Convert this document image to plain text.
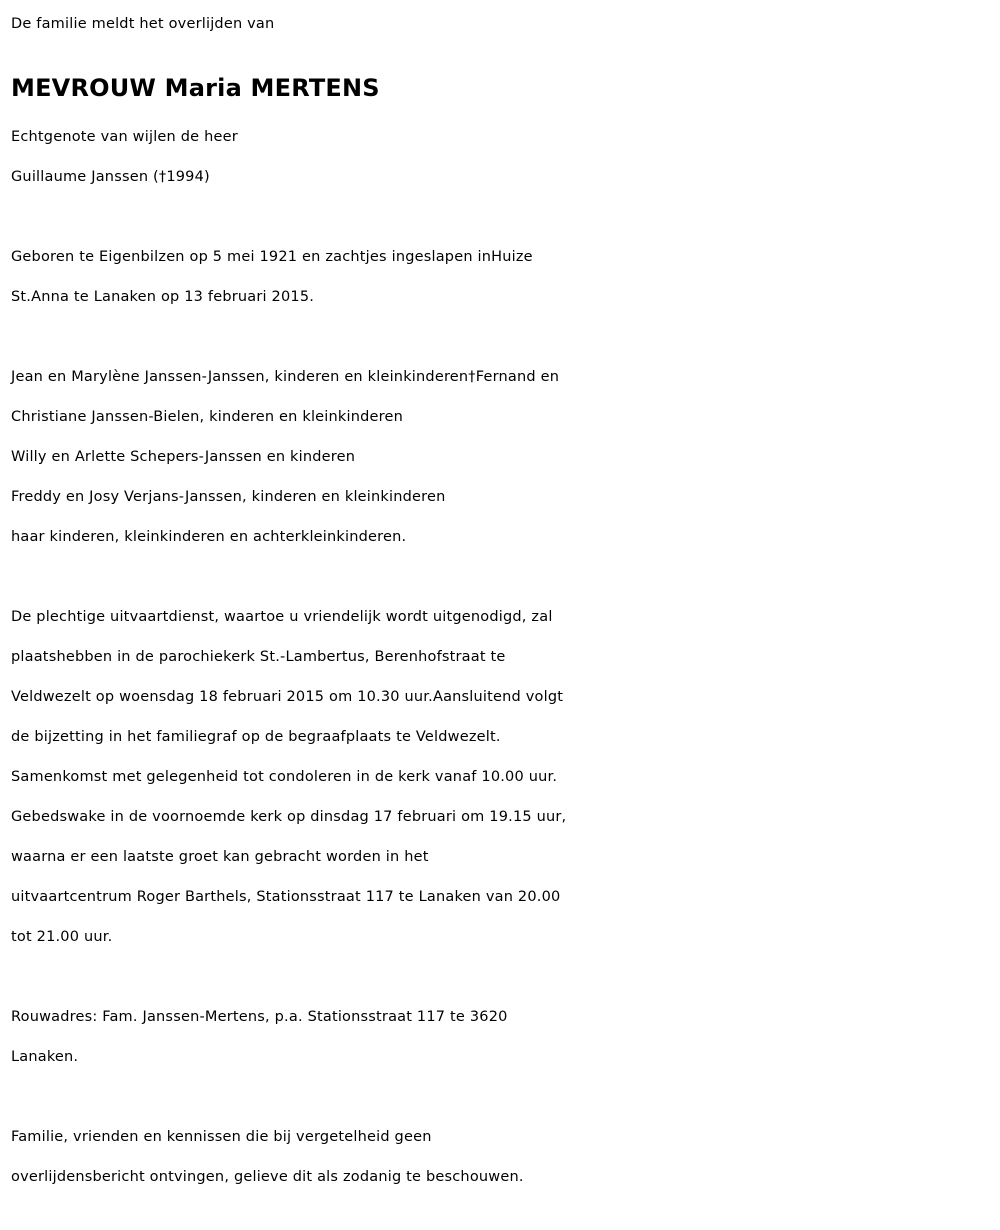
De familie meldt het overlijden van
MEVROUW Maria MERTENS
Echtgenote van wijlen de heer
Guillaume Janssen (†1994)
Geboren te Eigenbilzen op 5 mei 1921 en zachtjes ingeslapen inHuize
St.Anna te Lanaken op 13 februari 2015.
Jean en Marylène Janssen-Janssen, kinderen en kleinkinderen†Fernand en
Christiane Janssen-Bielen, kinderen en kleinkinderen
Willy en Arlette Schepers-Janssen en kinderen
Freddy en Josy Verjans-Janssen, kinderen en kleinkinderen
haar kinderen, kleinkinderen en achterkleinkinderen.
De plechtige uitvaartdienst, waartoe u vriendelijk wordt uitgenodigd, zal
plaatshebben in de parochiekerk St.-Lambertus, Berenhofstraat te
Veldwezelt op woensdag 18 februari 2015 om 10.30 uur.Aansluitend volgt
de bijzetting in het familiegraf op de begraafplaats te Veldwezelt.
Samenkomst met gelegenheid tot condoleren in de kerk vanaf 10.00 uur.
Gebedswake in de voornoemde kerk op dinsdag 17 februari om 19.15 uur,
waarna er een laatste groet kan gebracht worden in het
uitvaartcentrum Roger Barthels, Stationsstraat 117 te Lanaken van 20.00
tot 21.00 uur.
Rouwadres: Fam. Janssen-Mertens, p.a. Stationsstraat 117 te 3620
Lanaken.
Familie, vrienden en kennissen die bij vergetelheid geen
overlijdensbericht ontvingen, gelieve dit als zodanig te beschouwen.
